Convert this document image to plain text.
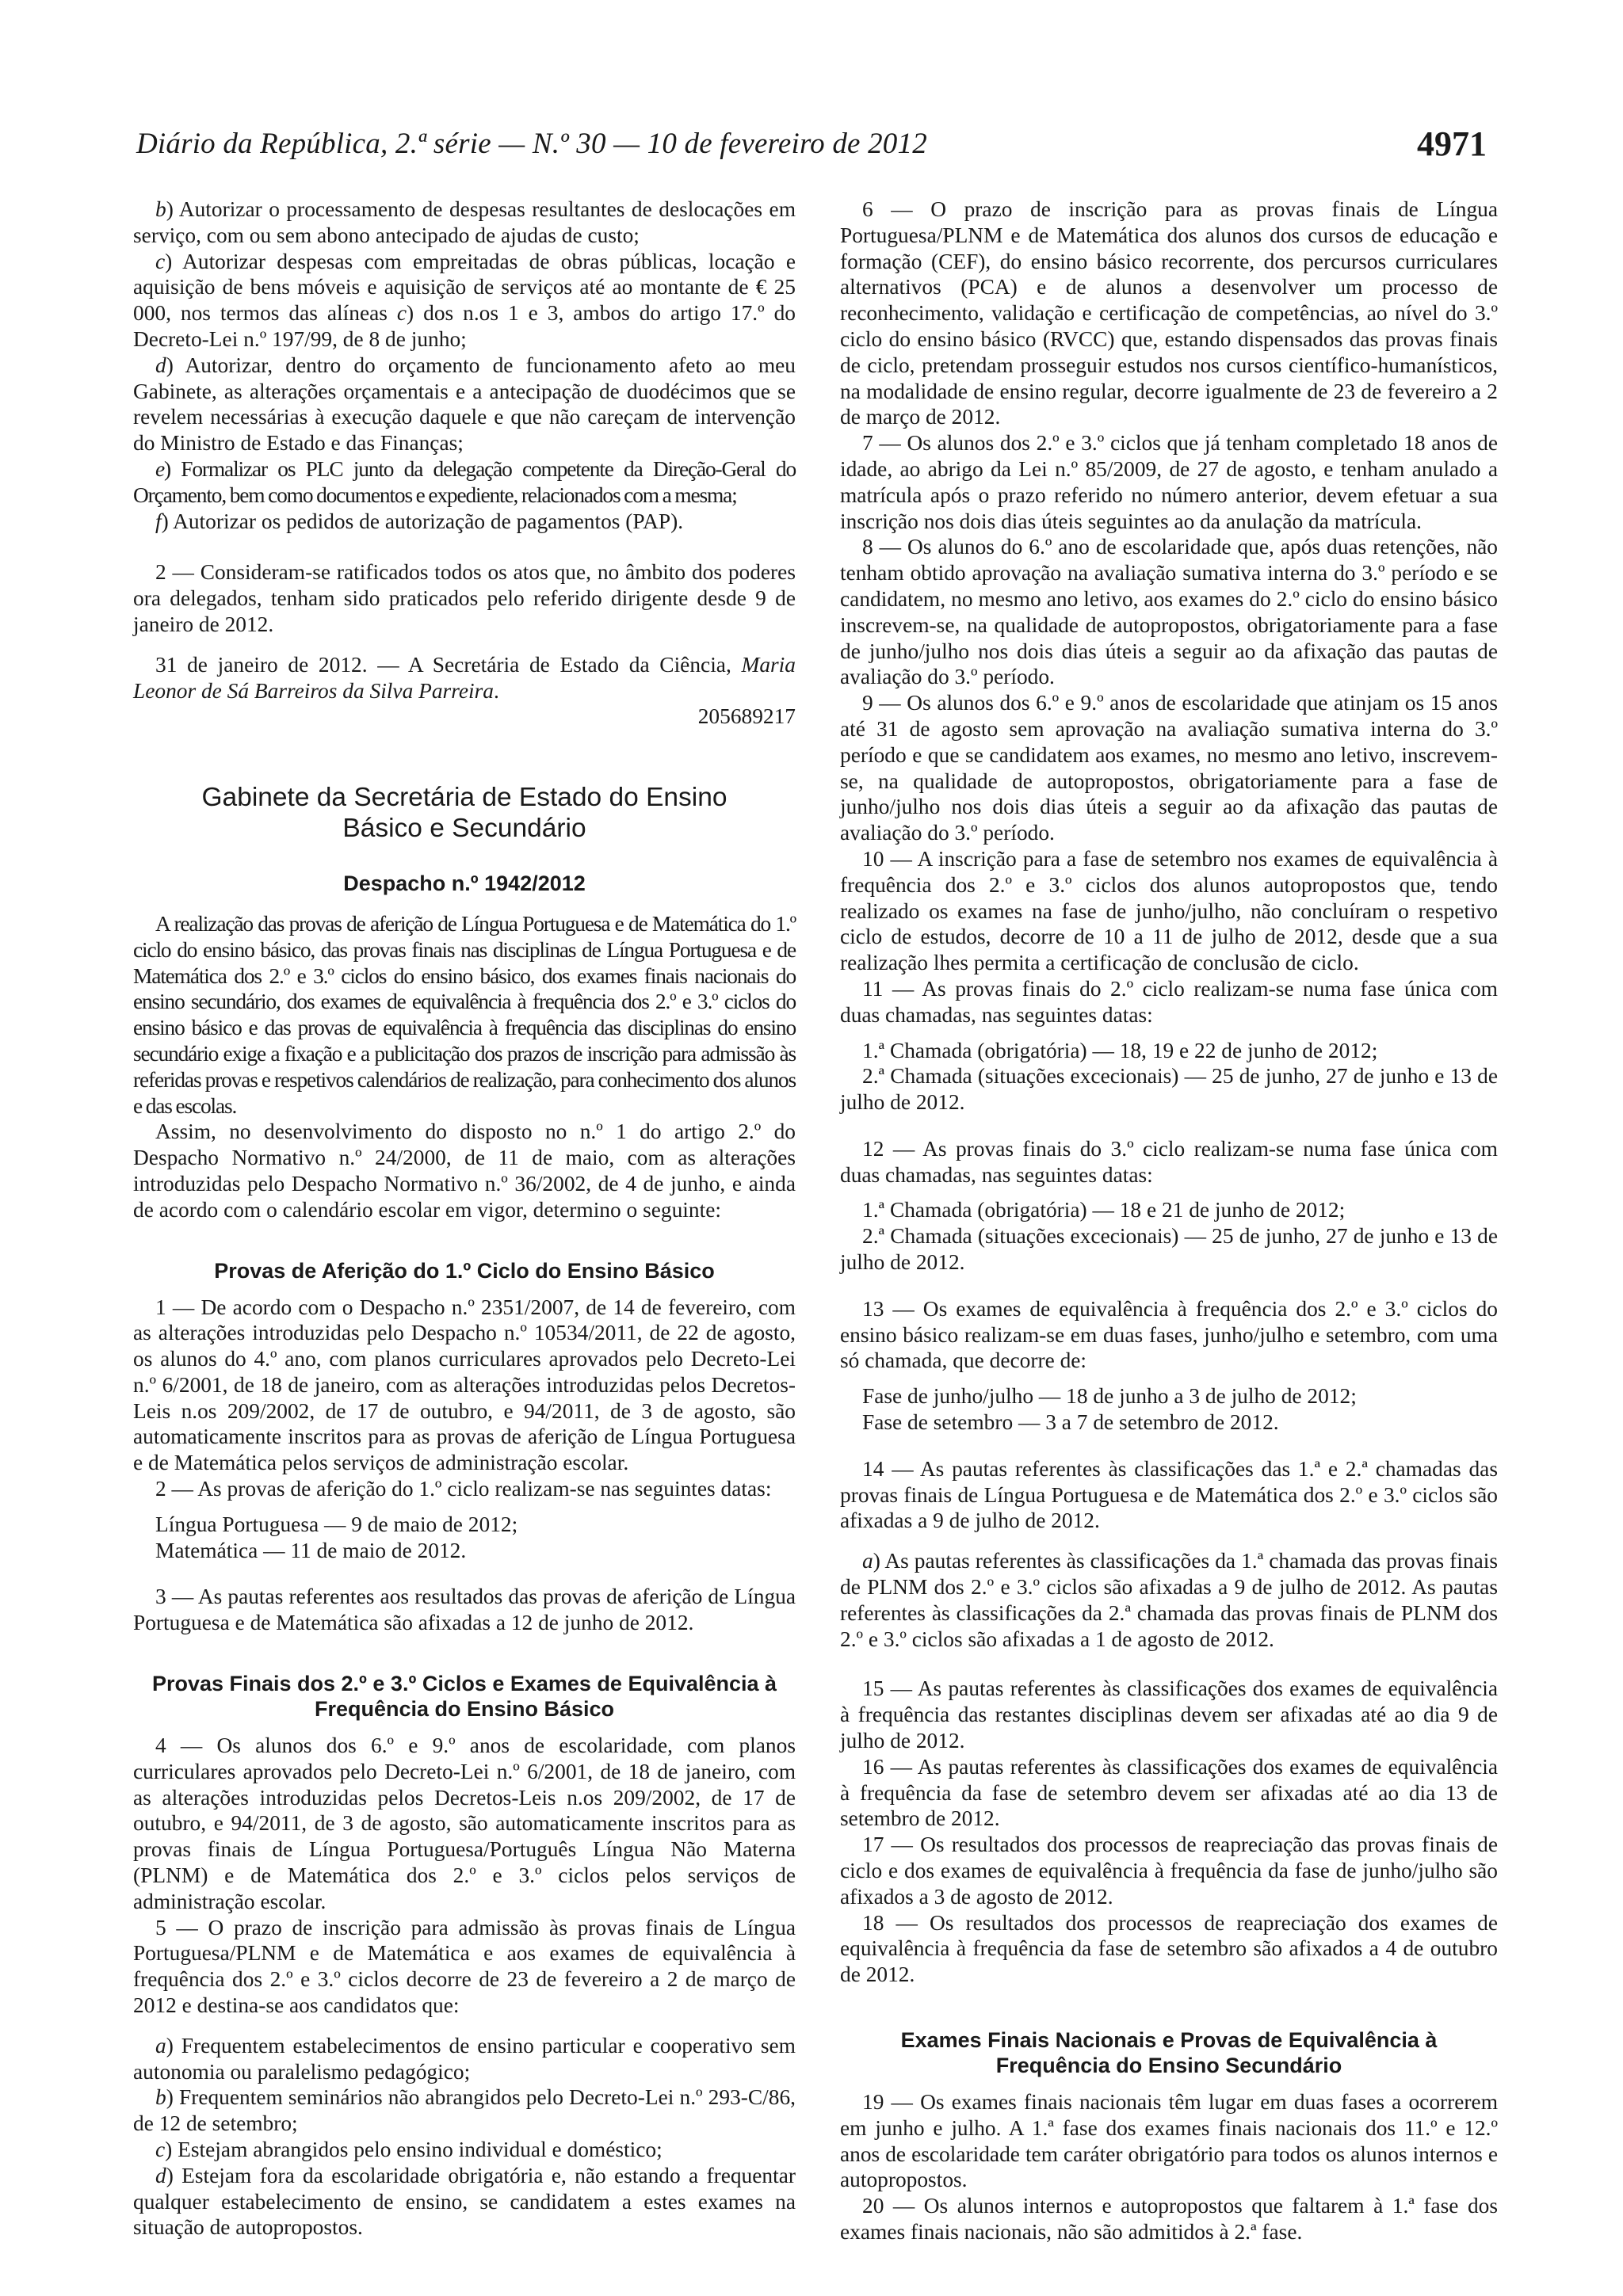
Diário da República, 2.ª série — N.º 30 — 10 de fevereiro de 2012	4971

b) Autorizar o processamento de despesas resultantes de deslocações em serviço, com ou sem abono antecipado de ajudas de custo;

c) Autorizar despesas com empreitadas de obras públicas, locação e aquisição de bens móveis e aquisição de serviços até ao montante de € 25 000, nos termos das alíneas c) dos n.os 1 e 3, ambos do artigo 17.º do Decreto-Lei n.º 197/99, de 8 de junho;

d) Autorizar, dentro do orçamento de funcionamento afeto ao meu Gabinete, as alterações orçamentais e a antecipação de duodécimos que se revelem necessárias à execução daquele e que não careçam de intervenção do Ministro de Estado e das Finanças;

e) Formalizar os PLC junto da delegação competente da Direção-Geral do Orçamento, bem como documentos e expediente, relacionados com a mesma;

f) Autorizar os pedidos de autorização de pagamentos (PAP).

2 — Consideram-se ratificados todos os atos que, no âmbito dos poderes ora delegados, tenham sido praticados pelo referido dirigente desde 9 de janeiro de 2012.

31 de janeiro de 2012. — A Secretária de Estado da Ciência, Maria Leonor de Sá Barreiros da Silva Parreira.

205689217

Gabinete da Secretária de Estado do Ensino Básico e Secundário
Despacho n.º 1942/2012

A realização das provas de aferição de Língua Portuguesa e de Matemática do 1.º ciclo do ensino básico, das provas finais nas disciplinas de Língua Portuguesa e de Matemática dos 2.º e 3.º ciclos do ensino básico, dos exames finais nacionais do ensino secundário, dos exames de equivalência à frequência dos 2.º e 3.º ciclos do ensino básico e das provas de equivalência à frequência das disciplinas do ensino secundário exige a fixação e a publicitação dos prazos de inscrição para admissão às referidas provas e respetivos calendários de realização, para conhecimento dos alunos e das escolas.

Assim, no desenvolvimento do disposto no n.º 1 do artigo 2.º do Despacho Normativo n.º 24/2000, de 11 de maio, com as alterações introduzidas pelo Despacho Normativo n.º 36/2002, de 4 de junho, e ainda de acordo com o calendário escolar em vigor, determino o seguinte:

Provas de Aferição do 1.º Ciclo do Ensino Básico

1 — De acordo com o Despacho n.º 2351/2007, de 14 de fevereiro, com as alterações introduzidas pelo Despacho n.º 10534/2011, de 22 de agosto, os alunos do 4.º ano, com planos curriculares aprovados pelo Decreto-Lei n.º 6/2001, de 18 de janeiro, com as alterações introduzidas pelos Decretos-Leis n.os 209/2002, de 17 de outubro, e 94/2011, de 3 de agosto, são automaticamente inscritos para as provas de aferição de Língua Portuguesa e de Matemática pelos serviços de administração escolar.

2 — As provas de aferição do 1.º ciclo realizam-se nas seguintes datas:

Língua Portuguesa — 9 de maio de 2012;
Matemática — 11 de maio de 2012.

3 — As pautas referentes aos resultados das provas de aferição de Língua Portuguesa e de Matemática são afixadas a 12 de junho de 2012.

Provas Finais dos 2.º e 3.º Ciclos e Exames de Equivalência à Frequência do Ensino Básico

4 — Os alunos dos 6.º e 9.º anos de escolaridade, com planos curriculares aprovados pelo Decreto-Lei n.º 6/2001, de 18 de janeiro, com as alterações introduzidas pelos Decretos-Leis n.os 209/2002, de 17 de outubro, e 94/2011, de 3 de agosto, são automaticamente inscritos para as provas finais de Língua Portuguesa/Português Língua Não Materna (PLNM) e de Matemática dos 2.º e 3.º ciclos pelos serviços de administração escolar.

5 — O prazo de inscrição para admissão às provas finais de Língua Portuguesa/PLNM e de Matemática e aos exames de equivalência à frequência dos 2.º e 3.º ciclos decorre de 23 de fevereiro a 2 de março de 2012 e destina-se aos candidatos que:

a) Frequentem estabelecimentos de ensino particular e cooperativo sem autonomia ou paralelismo pedagógico;

b) Frequentem seminários não abrangidos pelo Decreto-Lei n.º 293-C/86, de 12 de setembro;

c) Estejam abrangidos pelo ensino individual e doméstico;

d) Estejam fora da escolaridade obrigatória e, não estando a frequentar qualquer estabelecimento de ensino, se candidatem a estes exames na situação de autopropostos.

6 — O prazo de inscrição para as provas finais de Língua Portuguesa/PLNM e de Matemática dos alunos dos cursos de educação e formação (CEF), do ensino básico recorrente, dos percursos curriculares alternativos (PCA) e de alunos a desenvolver um processo de reconhecimento, validação e certificação de competências, ao nível do 3.º ciclo do ensino básico (RVCC) que, estando dispensados das provas finais de ciclo, pretendam prosseguir estudos nos cursos científico-humanísticos, na modalidade de ensino regular, decorre igualmente de 23 de fevereiro a 2 de março de 2012.

7 — Os alunos dos 2.º e 3.º ciclos que já tenham completado 18 anos de idade, ao abrigo da Lei n.º 85/2009, de 27 de agosto, e tenham anulado a matrícula após o prazo referido no número anterior, devem efetuar a sua inscrição nos dois dias úteis seguintes ao da anulação da matrícula.

8 — Os alunos do 6.º ano de escolaridade que, após duas retenções, não tenham obtido aprovação na avaliação sumativa interna do 3.º período e se candidatem, no mesmo ano letivo, aos exames do 2.º ciclo do ensino básico inscrevem-se, na qualidade de autopropostos, obrigatoriamente para a fase de junho/julho nos dois dias úteis a seguir ao da afixação das pautas de avaliação do 3.º período.

9 — Os alunos dos 6.º e 9.º anos de escolaridade que atinjam os 15 anos até 31 de agosto sem aprovação na avaliação sumativa interna do 3.º período e que se candidatem aos exames, no mesmo ano letivo, inscrevem-se, na qualidade de autopropostos, obrigatoriamente para a fase de junho/julho nos dois dias úteis a seguir ao da afixação das pautas de avaliação do 3.º período.

10 — A inscrição para a fase de setembro nos exames de equivalência à frequência dos 2.º e 3.º ciclos dos alunos autopropostos que, tendo realizado os exames na fase de junho/julho, não concluíram o respetivo ciclo de estudos, decorre de 10 a 11 de julho de 2012, desde que a sua realização lhes permita a certificação de conclusão de ciclo.

11 — As provas finais do 2.º ciclo realizam-se numa fase única com duas chamadas, nas seguintes datas:

1.ª Chamada (obrigatória) — 18, 19 e 22 de junho de 2012;
2.ª Chamada (situações excecionais) — 25 de junho, 27 de junho e 13 de julho de 2012.

12 — As provas finais do 3.º ciclo realizam-se numa fase única com duas chamadas, nas seguintes datas:

1.ª Chamada (obrigatória) — 18 e 21 de junho de 2012;
2.ª Chamada (situações excecionais) — 25 de junho, 27 de junho e 13 de julho de 2012.

13 — Os exames de equivalência à frequência dos 2.º e 3.º ciclos do ensino básico realizam-se em duas fases, junho/julho e setembro, com uma só chamada, que decorre de:

Fase de junho/julho — 18 de junho a 3 de julho de 2012;
Fase de setembro — 3 a 7 de setembro de 2012.

14 — As pautas referentes às classificações das 1.ª e 2.ª chamadas das provas finais de Língua Portuguesa e de Matemática dos 2.º e 3.º ciclos são afixadas a 9 de julho de 2012.

a) As pautas referentes às classificações da 1.ª chamada das provas finais de PLNM dos 2.º e 3.º ciclos são afixadas a 9 de julho de 2012. As pautas referentes às classificações da 2.ª chamada das provas finais de PLNM dos 2.º e 3.º ciclos são afixadas a 1 de agosto de 2012.

15 — As pautas referentes às classificações dos exames de equivalência à frequência das restantes disciplinas devem ser afixadas até ao dia 9 de julho de 2012.

16 — As pautas referentes às classificações dos exames de equivalência à frequência da fase de setembro devem ser afixadas até ao dia 13 de setembro de 2012.

17 — Os resultados dos processos de reapreciação das provas finais de ciclo e dos exames de equivalência à frequência da fase de junho/julho são afixados a 3 de agosto de 2012.

18 — Os resultados dos processos de reapreciação dos exames de equivalência à frequência da fase de setembro são afixados a 4 de outubro de 2012.

Exames Finais Nacionais e Provas de Equivalência à Frequência do Ensino Secundário

19 — Os exames finais nacionais têm lugar em duas fases a ocorrerem em junho e julho. A 1.ª fase dos exames finais nacionais dos 11.º e 12.º anos de escolaridade tem caráter obrigatório para todos os alunos internos e autopropostos.

20 — Os alunos internos e autopropostos que faltarem à 1.ª fase dos exames finais nacionais, não são admitidos à 2.ª fase.
